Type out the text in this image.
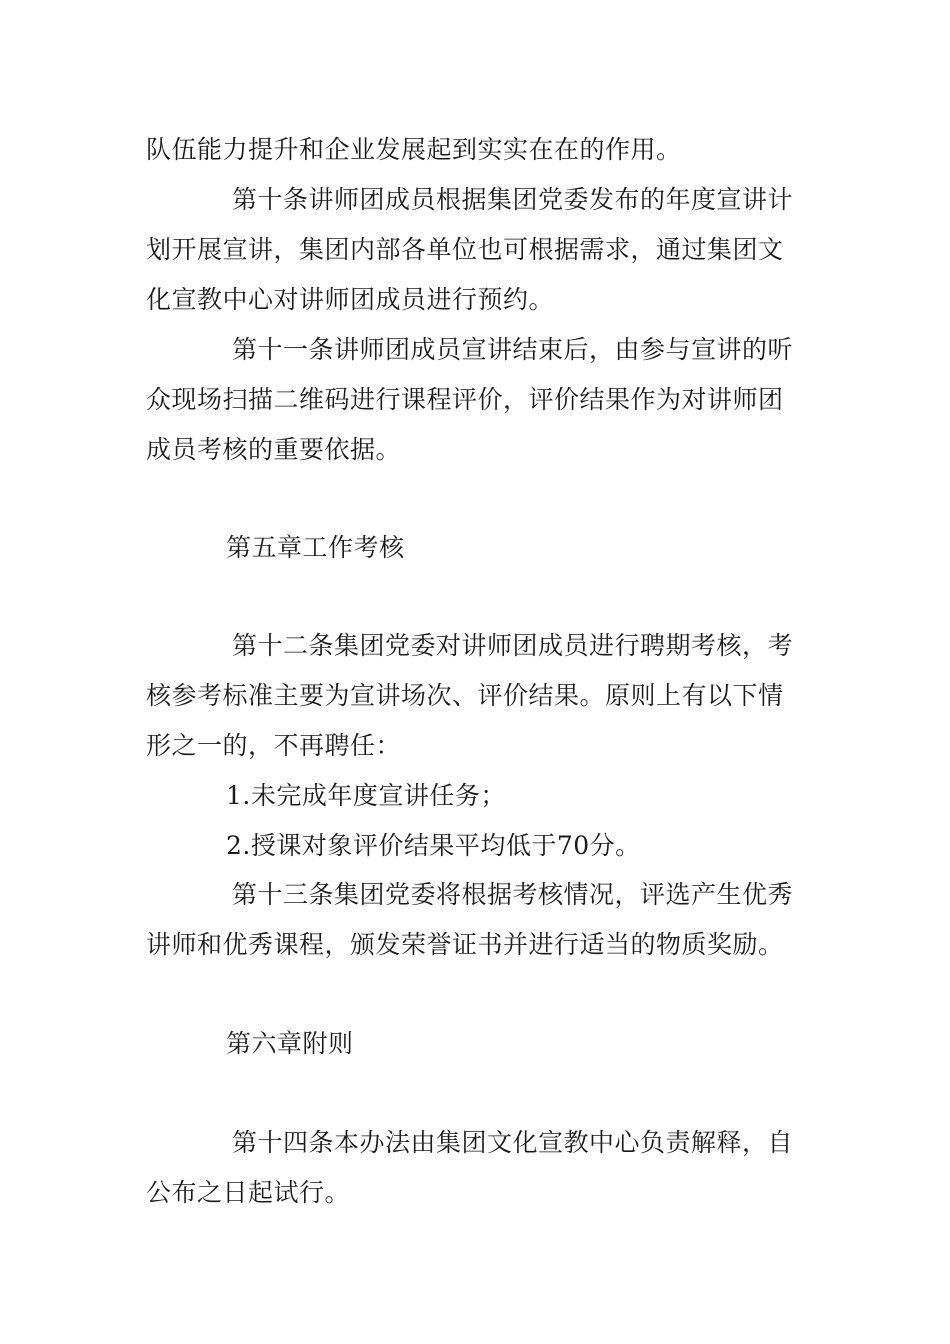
队伍能力提升和企业发展起到实实在在的作用。
第十条讲师团成员根据集团党委发布的年度宣讲计
划开展宣讲，集团内部各单位也可根据需求，通过集团文
化宣教中心对讲师团成员进行预约。
第十一条讲师团成员宣讲结束后，由参与宣讲的听
众现场扫描二维码进行课程评价，评价结果作为对讲师团
成员考核的重要依据。
第五章工作考核
第十二条集团党委对讲师团成员进行聘期考核，考
核参考标准主要为宣讲场次、评价结果。原则上有以下情
形之一的，不再聘任：
1.未完成年度宣讲任务；
2.授课对象评价结果平均低于70分。
第十三条集团党委将根据考核情况，评选产生优秀
讲师和优秀课程，颁发荣誉证书并进行适当的物质奖励。
第六章附则
第十四条本办法由集团文化宣教中心负责解释，自
公布之日起试行。
